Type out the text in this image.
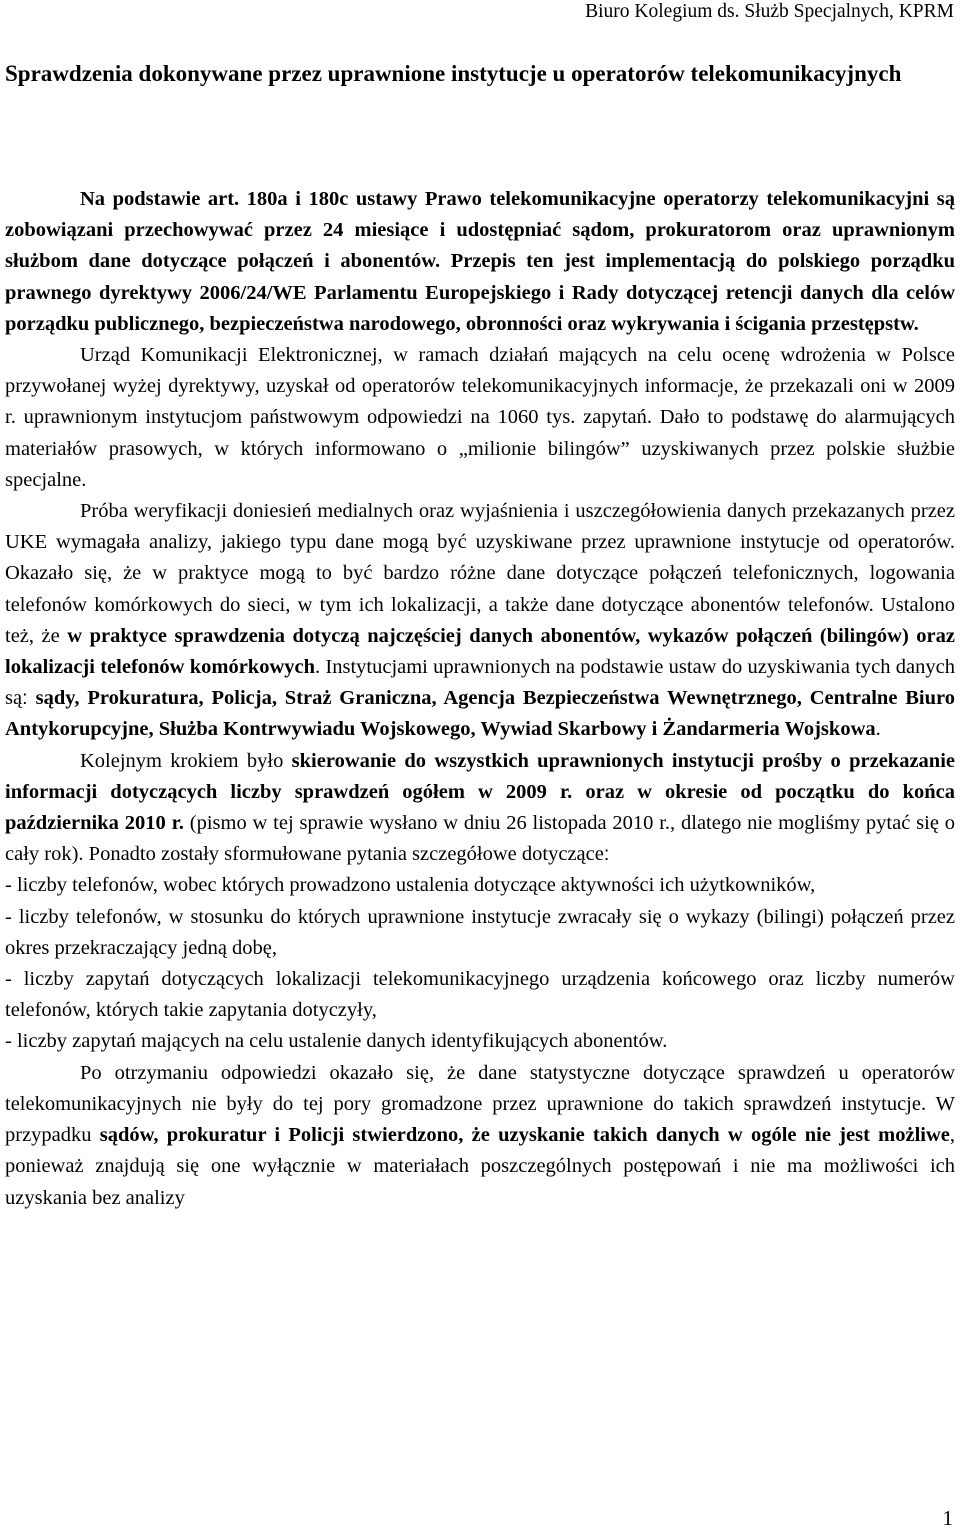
Biuro Kolegium ds. Służb Specjalnych, KPRM
Sprawdzenia dokonywane przez uprawnione instytucje u operatorów telekomunikacyjnych

Na podstawie art. 180a i 180c ustawy Prawo telekomunikacyjne operatorzy telekomunikacyjni są zobowiązani przechowywać przez 24 miesiące i udostępniać sądom, prokuratorom oraz uprawnionym służbom dane dotyczące połączeń i abonentów. Przepis ten jest implementacją do polskiego porządku prawnego dyrektywy 2006/24/WE Parlamentu Europejskiego i Rady dotyczącej retencji danych dla celów porządku publicznego, bezpieczeństwa narodowego, obronności oraz wykrywania i ścigania przestępstw.

Urząd Komunikacji Elektronicznej, w ramach działań mających na celu ocenę wdrożenia w Polsce przywołanej wyżej dyrektywy, uzyskał od operatorów telekomunikacyjnych informacje, że przekazali oni w 2009 r. uprawnionym instytucjom państwowym odpowiedzi na 1060 tys. zapytań. Dało to podstawę do alarmujących materiałów prasowych, w których informowano o „milionie bilingów” uzyskiwanych przez polskie służbie specjalne.

Próba weryfikacji doniesień medialnych oraz wyjaśnienia i uszczegółowienia danych przekazanych przez UKE wymagała analizy, jakiego typu dane mogą być uzyskiwane przez uprawnione instytucje od operatorów. Okazało się, że w praktyce mogą to być bardzo różne dane dotyczące połączeń telefonicznych, logowania telefonów komórkowych do sieci, w tym ich lokalizacji, a także dane dotyczące abonentów telefonów. Ustalono też, że w praktyce sprawdzenia dotyczą najczęściej danych abonentów, wykazów połączeń (bilingów) oraz lokalizacji telefonów komórkowych. Instytucjami uprawnionych na podstawie ustaw do uzyskiwania tych danych są: sądy, Prokuratura, Policja, Straż Graniczna, Agencja Bezpieczeństwa Wewnętrznego, Centralne Biuro Antykorupcyjne, Służba Kontrwywiadu Wojskowego, Wywiad Skarbowy i Żandarmeria Wojskowa.

Kolejnym krokiem było skierowanie do wszystkich uprawnionych instytucji prośby o przekazanie informacji dotyczących liczby sprawdzeń ogółem w 2009 r. oraz w okresie od początku do końca października 2010 r. (pismo w tej sprawie wysłano w dniu 26 listopada 2010 r., dlatego nie mogliśmy pytać się o cały rok). Ponadto zostały sformułowane pytania szczegółowe dotyczące:

- liczby telefonów, wobec których prowadzono ustalenia dotyczące aktywności ich użytkowników,

- liczby telefonów, w stosunku do których uprawnione instytucje zwracały się o wykazy (bilingi) połączeń przez okres przekraczający jedną dobę,

- liczby zapytań dotyczących lokalizacji telekomunikacyjnego urządzenia końcowego oraz liczby numerów telefonów, których takie zapytania dotyczyły,

- liczby zapytań mających na celu ustalenie danych identyfikujących abonentów.

Po otrzymaniu odpowiedzi okazało się, że dane statystyczne dotyczące sprawdzeń u operatorów telekomunikacyjnych nie były do tej pory gromadzone przez uprawnione do takich sprawdzeń instytucje. W przypadku sądów, prokuratur i Policji stwierdzono, że uzyskanie takich danych w ogóle nie jest możliwe, ponieważ znajdują się one wyłącznie w materiałach poszczególnych postępowań i nie ma możliwości ich uzyskania bez analizy

1
